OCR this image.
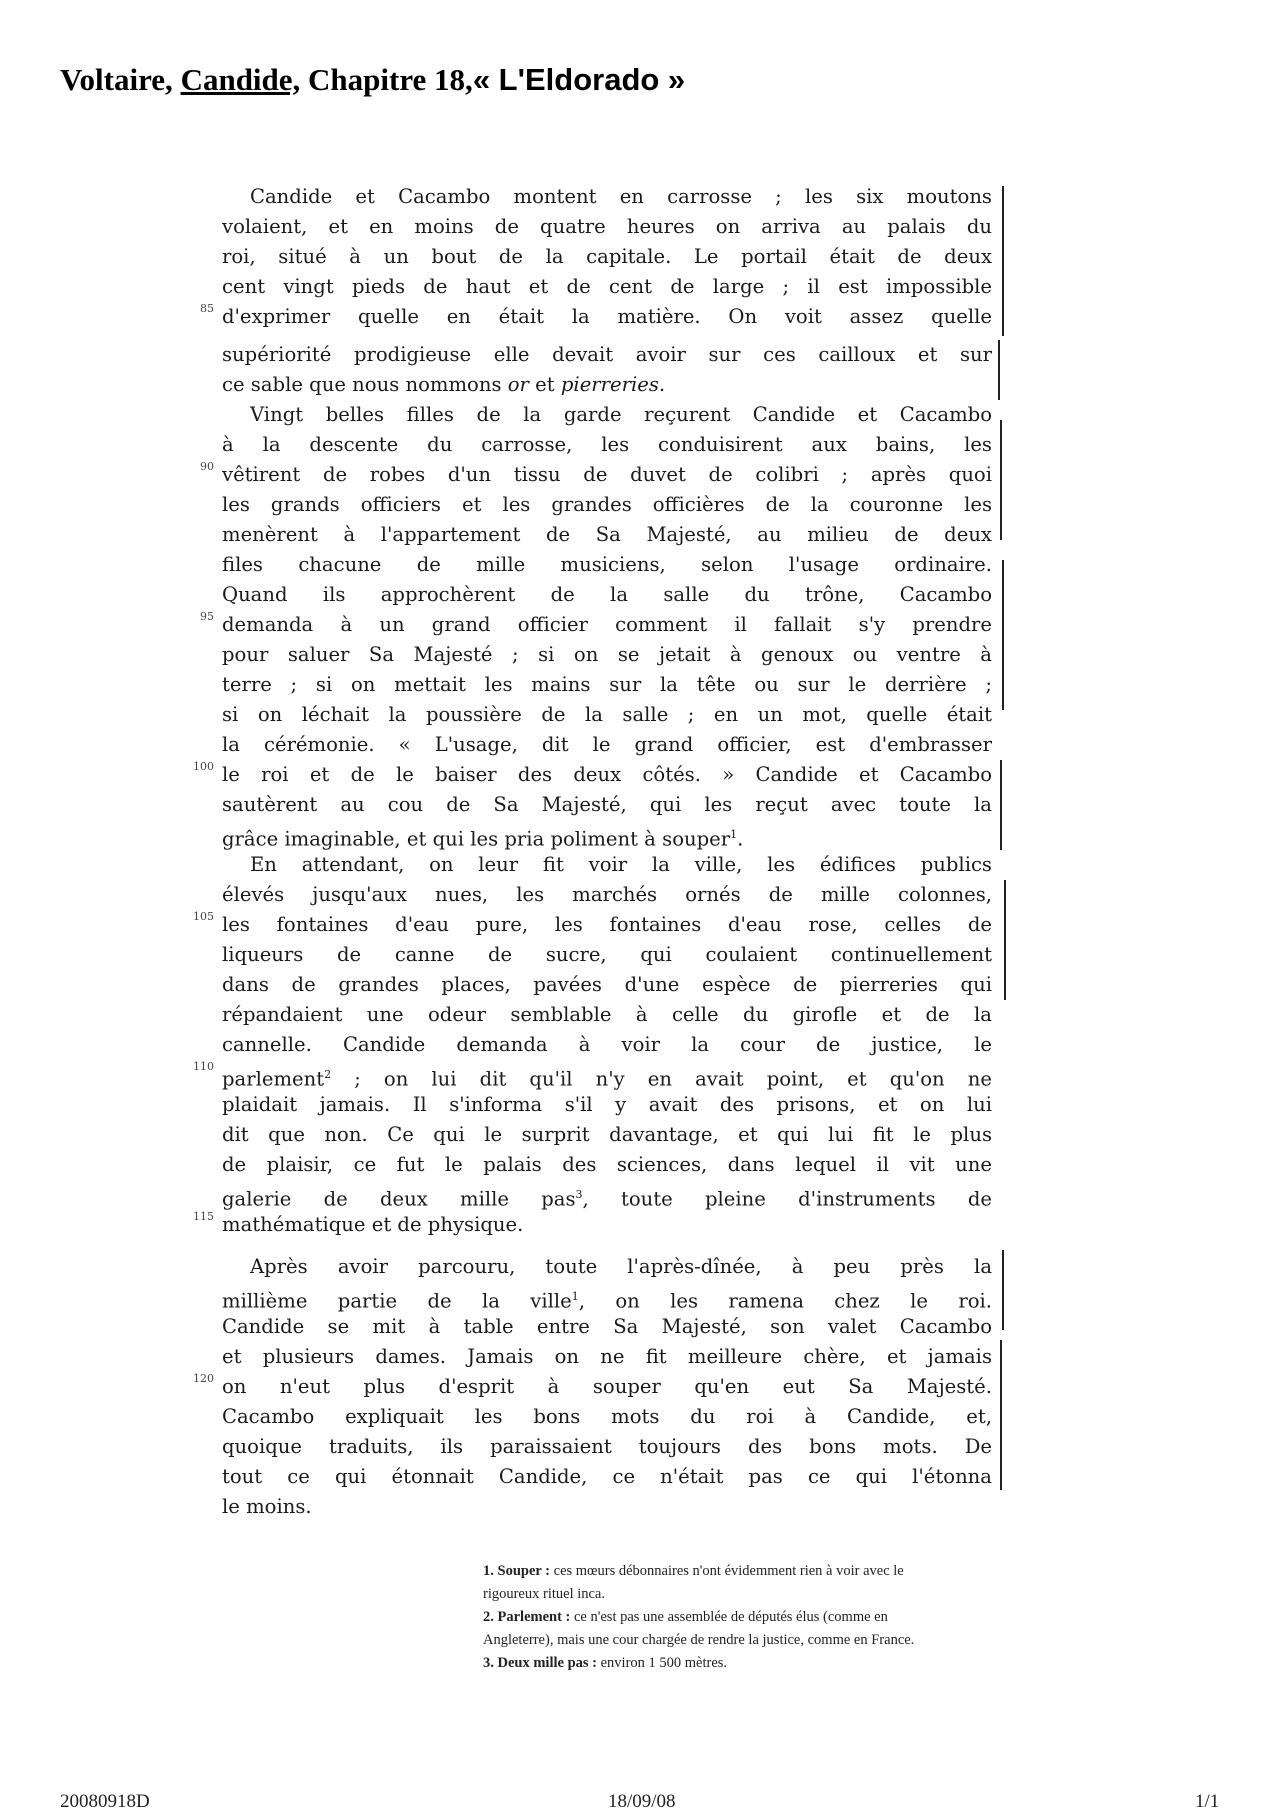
Voltaire, Candide, Chapitre 18,« L'Eldorado »
Candide et Cacambo montent en carrosse ; les six moutons
volaient, et en moins de quatre heures on arriva au palais du
roi, situé à un bout de la capitale. Le portail était de deux
cent vingt pieds de haut et de cent de large ; il est impossible
d'exprimer quelle en était la matière. On voit assez quelle
85
supériorité prodigieuse elle devait avoir sur ces cailloux et sur
ce sable que nous nommons or et pierreries.
Vingt belles filles de la garde reçurent Candide et Cacambo
à la descente du carrosse, les conduisirent aux bains, les
vêtirent de robes d'un tissu de duvet de colibri ; après quoi
90
les grands officiers et les grandes officières de la couronne les
menèrent à l'appartement de Sa Majesté, au milieu de deux
files chacune de mille musiciens, selon l'usage ordinaire.
Quand ils approchèrent de la salle du trône, Cacambo
demanda à un grand officier comment il fallait s'y prendre
95
pour saluer Sa Majesté ; si on se jetait à genoux ou ventre à
terre ; si on mettait les mains sur la tête ou sur le derrière ;
si on léchait la poussière de la salle ; en un mot, quelle était
la cérémonie. « L'usage, dit le grand officier, est d'embrasser
le roi et de le baiser des deux côtés. » Candide et Cacambo
100
sautèrent au cou de Sa Majesté, qui les reçut avec toute la
grâce imaginable, et qui les pria poliment à souper$^1$.
En attendant, on leur fit voir la ville, les édifices publics
élevés jusqu'aux nues, les marchés ornés de mille colonnes,
les fontaines d'eau pure, les fontaines d'eau rose, celles de
105
liqueurs de canne de sucre, qui coulaient continuellement
dans de grandes places, pavées d'une espèce de pierreries qui
répandaient une odeur semblable à celle du girofle et de la
cannelle. Candide demanda à voir la cour de justice, le
parlement$^2$ ; on lui dit qu'il n'y en avait point, et qu'on ne
110
plaidait jamais. Il s'informa s'il y avait des prisons, et on lui
dit que non. Ce qui le surprit davantage, et qui lui fit le plus
de plaisir, ce fut le palais des sciences, dans lequel il vit une
galerie de deux mille pas$^3$, toute pleine d'instruments de
mathématique et de physique.
115
Après avoir parcouru, toute l'après-dînée, à peu près la
millième partie de la ville$^1$, on les ramena chez le roi.
Candide se mit à table entre Sa Majesté, son valet Cacambo
et plusieurs dames. Jamais on ne fit meilleure chère, et jamais
on n'eut plus d'esprit à souper qu'en eut Sa Majesté.
120
Cacambo expliquait les bons mots du roi à Candide, et,
quoique traduits, ils paraissaient toujours des bons mots. De
tout ce qui étonnait Candide, ce n'était pas ce qui l'étonna
le moins.
1. Souper : ces mœurs débonnaires n'ont évidemment rien à voir avec le
rigoureux rituel inca.
2. Parlement : ce n'est pas une assemblée de députés élus (comme en
Angleterre), mais une cour chargée de rendre la justice, comme en France.
3. Deux mille pas : environ 1 500 mètres.
20080918D	18/09/08	1/1
